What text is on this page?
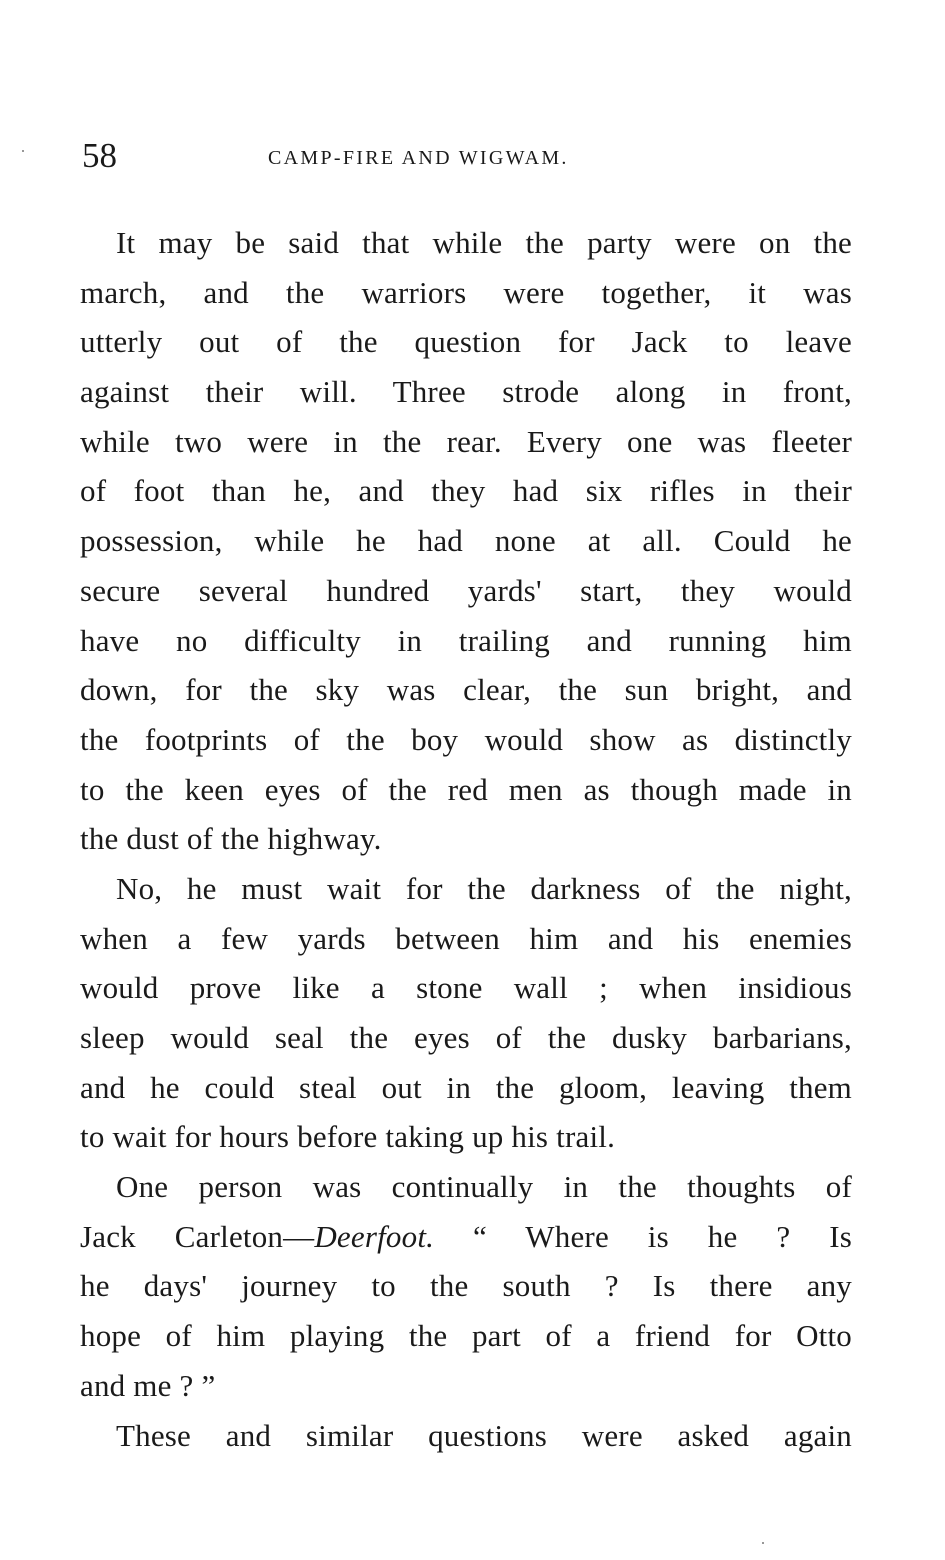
58	CAMP-FIRE AND WIGWAM.
It may be said that while the party were on the
march, and the warriors were together, it was
utterly out of the question for Jack to leave
against their will. Three strode along in front,
while two were in the rear. Every one was fleeter
of foot than he, and they had six rifles in their
possession, while he had none at all. Could he
secure several hundred yards' start, they would
have no difficulty in trailing and running him
down, for the sky was clear, the sun bright, and
the footprints of the boy would show as distinctly
to the keen eyes of the red men as though made in
the dust of the highway.
No, he must wait for the darkness of the night,
when a few yards between him and his enemies
would prove like a stone wall ; when insidious
sleep would seal the eyes of the dusky barbarians,
and he could steal out in the gloom, leaving them
to wait for hours before taking up his trail.
One person was continually in the thoughts of
Jack Carleton—Deerfoot. “ Where is he ? Is
he days' journey to the south ? Is there any
hope of him playing the part of a friend for Otto
and me ? ”
These and similar questions were asked again
